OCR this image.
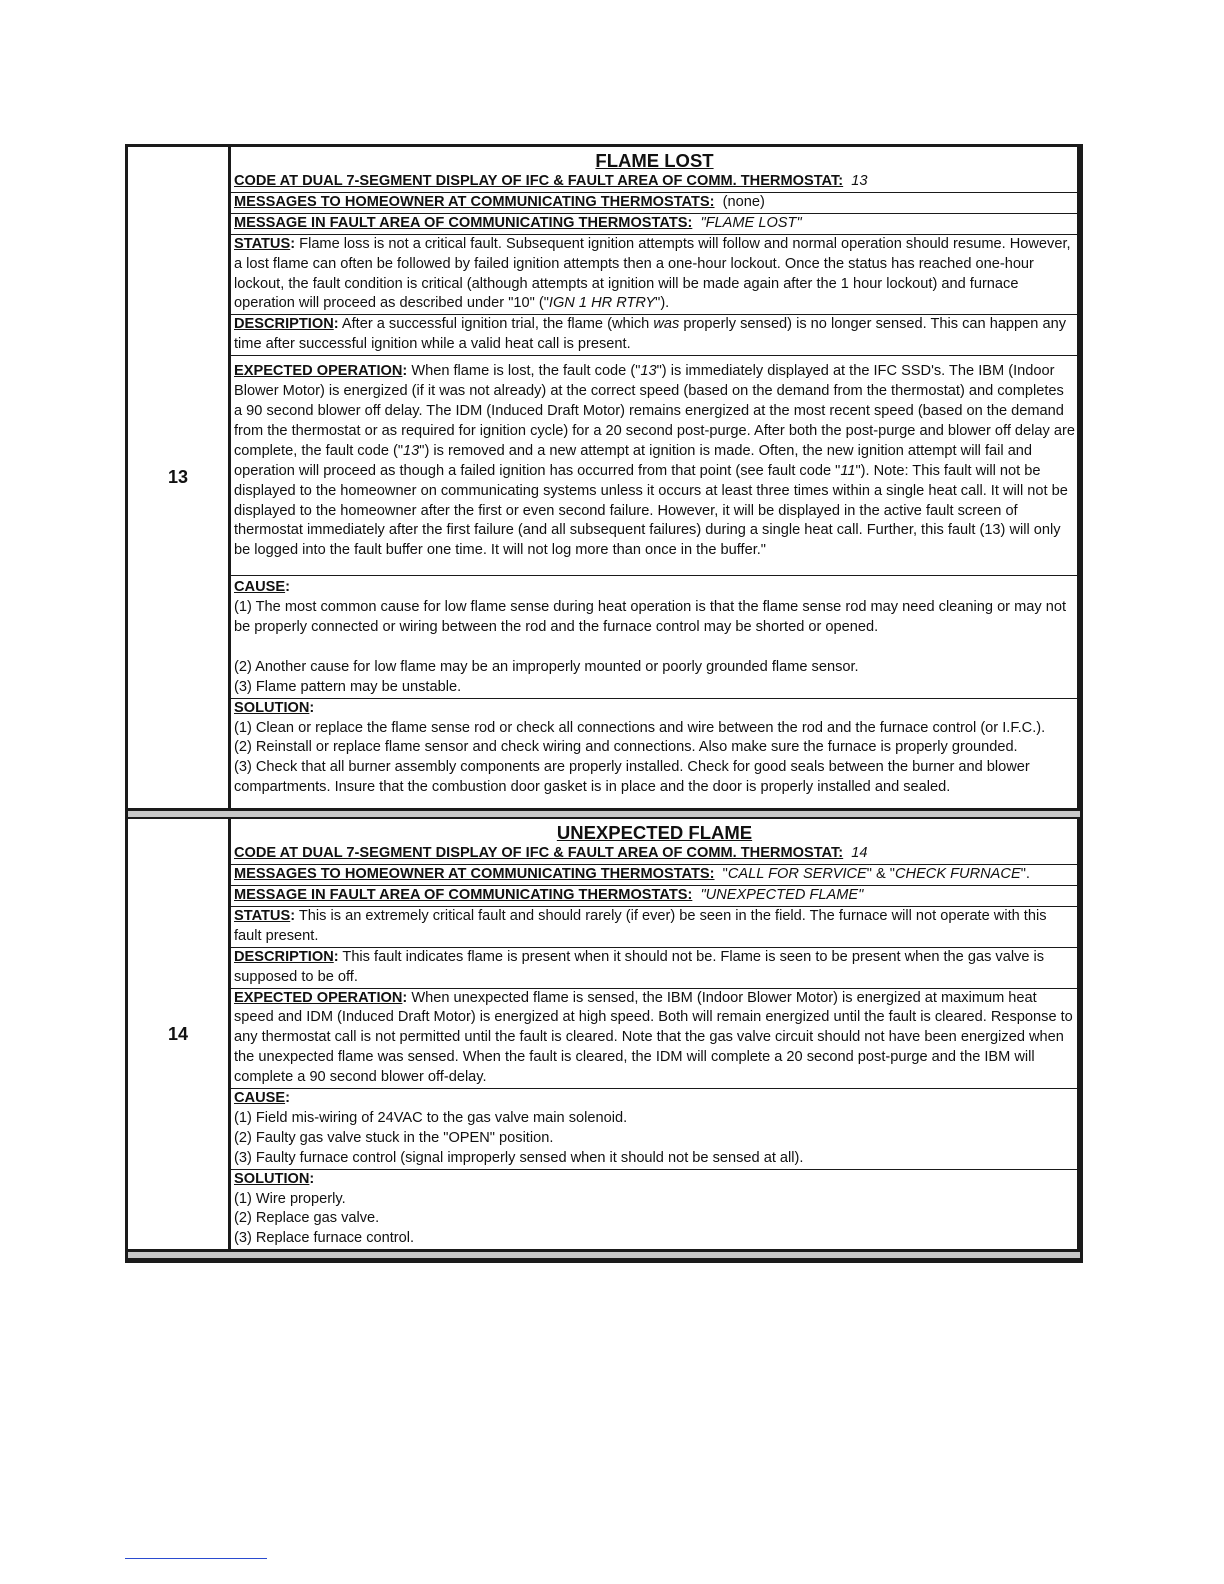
13
FLAME LOST
CODE AT DUAL 7-SEGMENT DISPLAY OF IFC & FAULT AREA OF COMM. THERMOSTAT: 13
MESSAGES TO HOMEOWNER AT COMMUNICATING THERMOSTATS: (none)
MESSAGE IN FAULT AREA OF COMMUNICATING THERMOSTATS: "FLAME LOST"
STATUS: Flame loss is not a critical fault. Subsequent ignition attempts will follow and normal operation should resume. However, a lost flame can often be followed by failed ignition attempts then a one-hour lockout. Once the status has reached one-hour lockout, the fault condition is critical (although attempts at ignition will be made again after the 1 hour lockout) and furnace operation will proceed as described under "10" ("IGN 1 HR RTRY").
DESCRIPTION: After a successful ignition trial, the flame (which was properly sensed) is no longer sensed. This can happen any time after successful ignition while a valid heat call is present.
EXPECTED OPERATION: When flame is lost, the fault code ("13") is immediately displayed at the IFC SSD's. The IBM (Indoor Blower Motor) is energized (if it was not already) at the correct speed (based on the demand from the thermostat) and completes a 90 second blower off delay. The IDM (Induced Draft Motor) remains energized at the most recent speed (based on the demand from the thermostat or as required for ignition cycle) for a 20 second post-purge. After both the post-purge and blower off delay are complete, the fault code ("13") is removed and a new attempt at ignition is made. Often, the new ignition attempt will fail and operation will proceed as though a failed ignition has occurred from that point (see fault code "11"). Note: This fault will not be displayed to the homeowner on communicating systems unless it occurs at least three times within a single heat call. It will not be displayed to the homeowner after the first or even second failure. However, it will be displayed in the active fault screen of thermostat immediately after the first failure (and all subsequent failures) during a single heat call. Further, this fault (13) will only be logged into the fault buffer one time. It will not log more than once in the buffer."
CAUSE:
(1) The most common cause for low flame sense during heat operation is that the flame sense rod may need cleaning or may not be properly connected or wiring between the rod and the furnace control may be shorted or opened.
(2) Another cause for low flame may be an improperly mounted or poorly grounded flame sensor.
(3) Flame pattern may be unstable.
SOLUTION:
(1) Clean or replace the flame sense rod or check all connections and wire between the rod and the furnace control (or I.F.C.).
(2) Reinstall or replace flame sensor and check wiring and connections. Also make sure the furnace is properly grounded.
(3) Check that all burner assembly components are properly installed. Check for good seals between the burner and blower compartments. Insure that the combustion door gasket is in place and the door is properly installed and sealed.
14
UNEXPECTED FLAME
CODE AT DUAL 7-SEGMENT DISPLAY OF IFC & FAULT AREA OF COMM. THERMOSTAT: 14
MESSAGES TO HOMEOWNER AT COMMUNICATING THERMOSTATS: "CALL FOR SERVICE" & "CHECK FURNACE".
MESSAGE IN FAULT AREA OF COMMUNICATING THERMOSTATS: "UNEXPECTED FLAME"
STATUS: This is an extremely critical fault and should rarely (if ever) be seen in the field. The furnace will not operate with this fault present.
DESCRIPTION: This fault indicates flame is present when it should not be. Flame is seen to be present when the gas valve is supposed to be off.
EXPECTED OPERATION: When unexpected flame is sensed, the IBM (Indoor Blower Motor) is energized at maximum heat speed and IDM (Induced Draft Motor) is energized at high speed. Both will remain energized until the fault is cleared. Response to any thermostat call is not permitted until the fault is cleared. Note that the gas valve circuit should not have been energized when the unexpected flame was sensed. When the fault is cleared, the IDM will complete a 20 second post-purge and the IBM will complete a 90 second blower off-delay.
CAUSE:
(1) Field mis-wiring of 24VAC to the gas valve main solenoid.
(2) Faulty gas valve stuck in the "OPEN" position.
(3) Faulty furnace control (signal improperly sensed when it should not be sensed at all).
SOLUTION:
(1) Wire properly.
(2) Replace gas valve.
(3) Replace furnace control.
